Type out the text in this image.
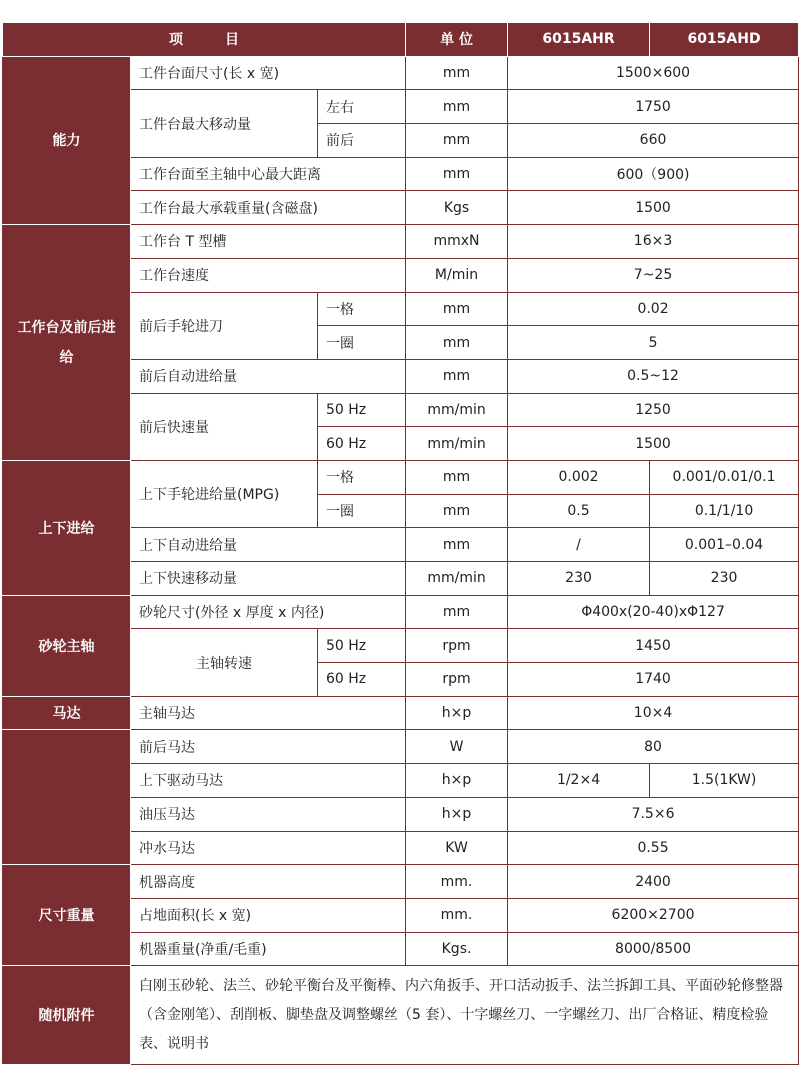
项　　　目			单 位	6015AHR	6015AHD
能力	工件台面尺寸(长 x 宽)		mm	1500×600	
	工件台最大移动量	左右	mm	1750	
		前后	mm	660	
	工作台面至主轴中心最大距离		mm	600（900)	
	工作台最大承载重量(含磁盘)		Kgs	1500	
工作台及前后进给	工作台 T 型槽		mmxN	16×3	
	工作台速度		M/min	7~25	
	前后手轮进刀	一格	mm	0.02	
		一圈	mm	5	
	前后自动进给量		mm	0.5~12	
	前后快速量	50 Hz	mm/min	1250	
		60 Hz	mm/min	1500	
上下进给	上下手轮进给量(MPG)	一格	mm	0.002	0.001/0.01/0.1
		一圈	mm	0.5	0.1/1/10
	上下自动进给量		mm	/	0.001–0.04
	上下快速移动量		mm/min	230	230
砂轮主轴	砂轮尺寸(外径 x 厚度 x 内径)		mm	Φ400x(20-40)xΦ127	
	主轴转速	50 Hz	rpm	1450	
		60 Hz	rpm	1740	
马达	主轴马达		h×p	10×4	
	前后马达		W	80	
	上下驱动马达		h×p	1/2×4	1.5(1KW)
	油压马达		h×p	7.5×6	
	冲水马达		KW	0.55	
尺寸重量	机器高度		mm.	2400	
	占地面积(长 x 宽)		mm.	6200×2700	
	机器重量(净重/毛重)		Kgs.	8000/8500	
随机附件	白刚玉砂轮、法兰、砂轮平衡台及平衡棒、内六角扳手、开口活动扳手、法兰拆卸工具、平面砂轮修整器（含金刚笔）、刮削板、脚垫盘及调整螺丝（5 套）、十字螺丝刀、一字螺丝刀、出厂合格证、精度检验表、说明书				
